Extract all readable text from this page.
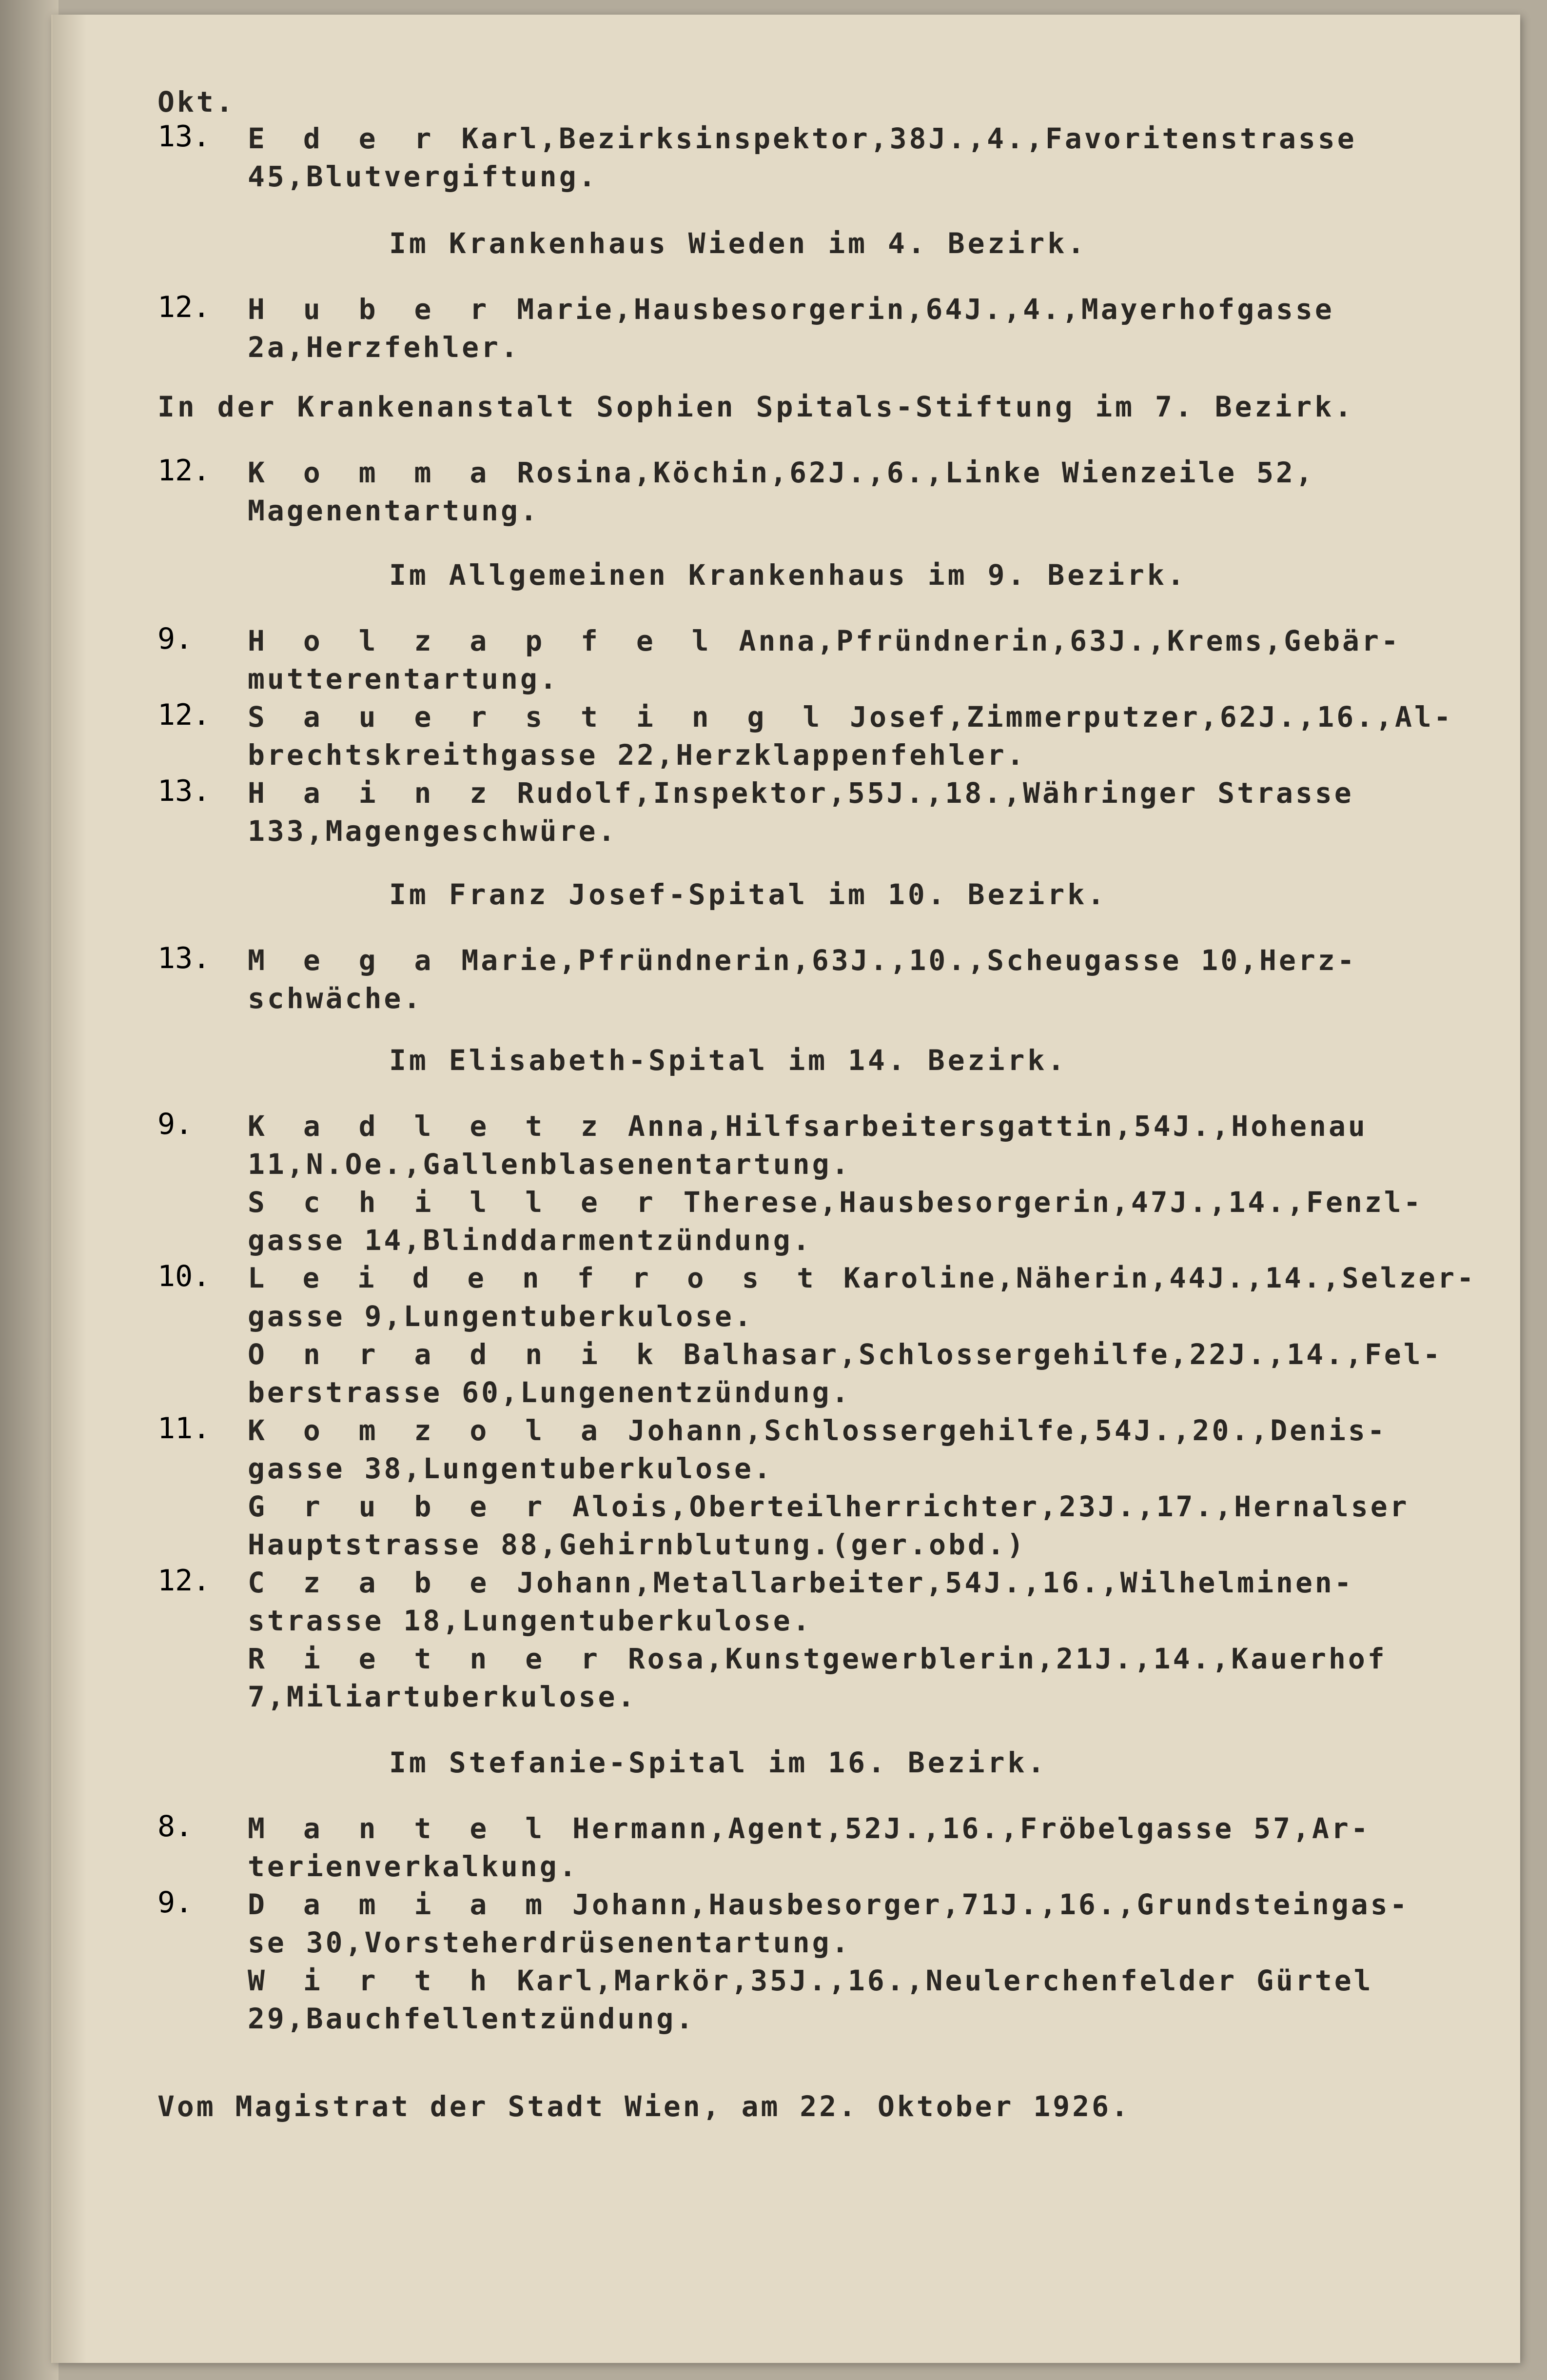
Okt.
13. E d e r Karl,Bezirksinspektor,38J.,4.,Favoritenstrasse
45,Blutvergiftung.
Im Krankenhaus Wieden im 4. Bezirk.
12. H u b e r Marie,Hausbesorgerin,64J.,4.,Mayerhofgasse
2a,Herzfehler.
In der Krankenanstalt Sophien Spitals-Stiftung im 7. Bezirk.
12. K o m m a Rosina,Köchin,62J.,6.,Linke Wienzeile 52,
Magenentartung.
Im Allgemeinen Krankenhaus im 9. Bezirk.
9. H o l z a p f e l Anna,Pfründnerin,63J.,Krems,Gebär-
mutterentartung.
12. S a u e r s t i n g l Josef,Zimmerputzer,62J.,16.,Al-
brechtskreithgasse 22,Herzklappenfehler.
13. H a i n z Rudolf,Inspektor,55J.,18.,Währinger Strasse
133,Magengeschwüre.
Im Franz Josef-Spital im 10. Bezirk.
13. M e g a Marie,Pfründnerin,63J.,10.,Scheugasse 10,Herz-
schwäche.
Im Elisabeth-Spital im 14. Bezirk.
9. K a d l e t z Anna,Hilfsarbeitersgattin,54J.,Hohenau
11,N.Oe.,Gallenblasenentartung.
S c h i l l e r Therese,Hausbesorgerin,47J.,14.,Fenzl-
gasse 14,Blinddarmentzündung.
10. L e i d e n f r o s t Karoline,Näherin,44J.,14.,Selzer-
gasse 9,Lungentuberkulose.
O n r a d n i k Balhasar,Schlossergehilfe,22J.,14.,Fel-
berstrasse 60,Lungenentzündung.
11. K o m z o l a Johann,Schlossergehilfe,54J.,20.,Denis-
gasse 38,Lungentuberkulose.
G r u b e r Alois,Oberteilherrichter,23J.,17.,Hernalser
Hauptstrasse 88,Gehirnblutung.(ger.obd.)
12. C z a b e Johann,Metallarbeiter,54J.,16.,Wilhelminen-
strasse 18,Lungentuberkulose.
R i e t n e r Rosa,Kunstgewerblerin,21J.,14.,Kauerhof
7,Miliartuberkulose.
Im Stefanie-Spital im 16. Bezirk.
8. M a n t e l Hermann,Agent,52J.,16.,Fröbelgasse 57,Ar-
terienverkalkung.
9. D a m i a m Johann,Hausbesorger,71J.,16.,Grundsteingas-
se 30,Vorsteherdrüsenentartung.
W i r t h Karl,Markör,35J.,16.,Neulerchenfelder Gürtel
29,Bauchfellentzündung.
Vom Magistrat der Stadt Wien, am 22. Oktober 1926.
